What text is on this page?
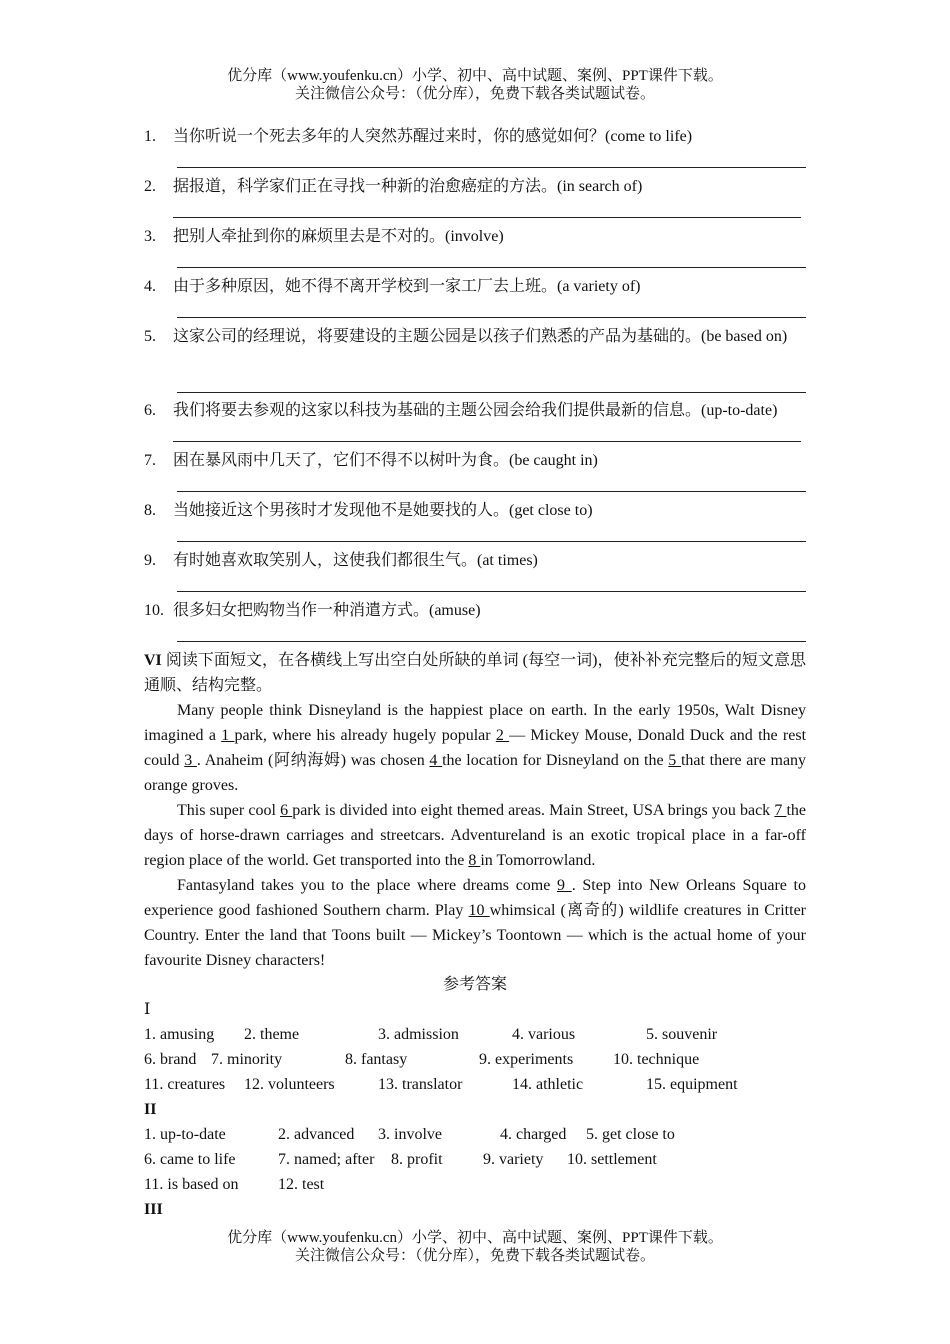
优分库（www.youfenku.cn）小学、初中、高中试题、案例、PPT课件下载。
关注微信公众号：（优分库），免费下载各类试题试卷。
1. 当你听说一个死去多年的人突然苏醒过来时，你的感觉如何？(come to life)
2. 据报道，科学家们正在寻找一种新的治愈癌症的方法。(in search of)
3. 把别人牵扯到你的麻烦里去是不对的。(involve)
4. 由于多种原因，她不得不离开学校到一家工厂去上班。(a variety of)
5. 这家公司的经理说，将要建设的主题公园是以孩子们熟悉的产品为基础的。(be based on)
6. 我们将要去参观的这家以科技为基础的主题公园会给我们提供最新的信息。(up-to-date)
7. 困在暴风雨中几天了，它们不得不以树叶为食。(be caught in)
8. 当她接近这个男孩时才发现他不是她要找的人。(get close to)
9. 有时她喜欢取笑别人，这使我们都很生气。(at times)
10. 很多妇女把购物当作一种消遣方式。(amuse)
VI 阅读下面短文，在各横线上写出空白处所缺的单词 (每空一词)，使补补充完整后的短文意思通顺、结构完整。
Many people think Disneyland is the happiest place on earth. In the early 1950s, Walt Disney imagined a 1 park, where his already hugely popular 2 — Mickey Mouse, Donald Duck and the rest could 3 . Anaheim (阿纳海姆) was chosen 4 the location for Disneyland on the 5 that there are many orange groves.
This super cool 6 park is divided into eight themed areas. Main Street, USA brings you back 7 the days of horse-drawn carriages and streetcars. Adventureland is an exotic tropical place in a far-off region place of the world. Get transported into the 8 in Tomorrowland.
Fantasyland takes you to the place where dreams come 9 . Step into New Orleans Square to experience good fashioned Southern charm. Play 10 whimsical (离奇的) wildlife creatures in Critter Country. Enter the land that Toons built — Mickey’s Toontown — which is the actual home of your favourite Disney characters!
参考答案
Ⅰ
1. amusing 2. theme	3. admission	4. various	5. souvenir
6. brand 7. minority	8. fantasy	9. experiments 10. technique
11. creatures 12. volunteers	13. translator	14. athletic	15. equipment
II
1. up-to-date	2. advanced 3. involve	4. charged 5. get close to
6. came to life	7. named; after 8. profit	9. variety 10. settlement
11. is based on 12. test
III
优分库（www.youfenku.cn）小学、初中、高中试题、案例、PPT课件下载。
关注微信公众号：（优分库），免费下载各类试题试卷。
